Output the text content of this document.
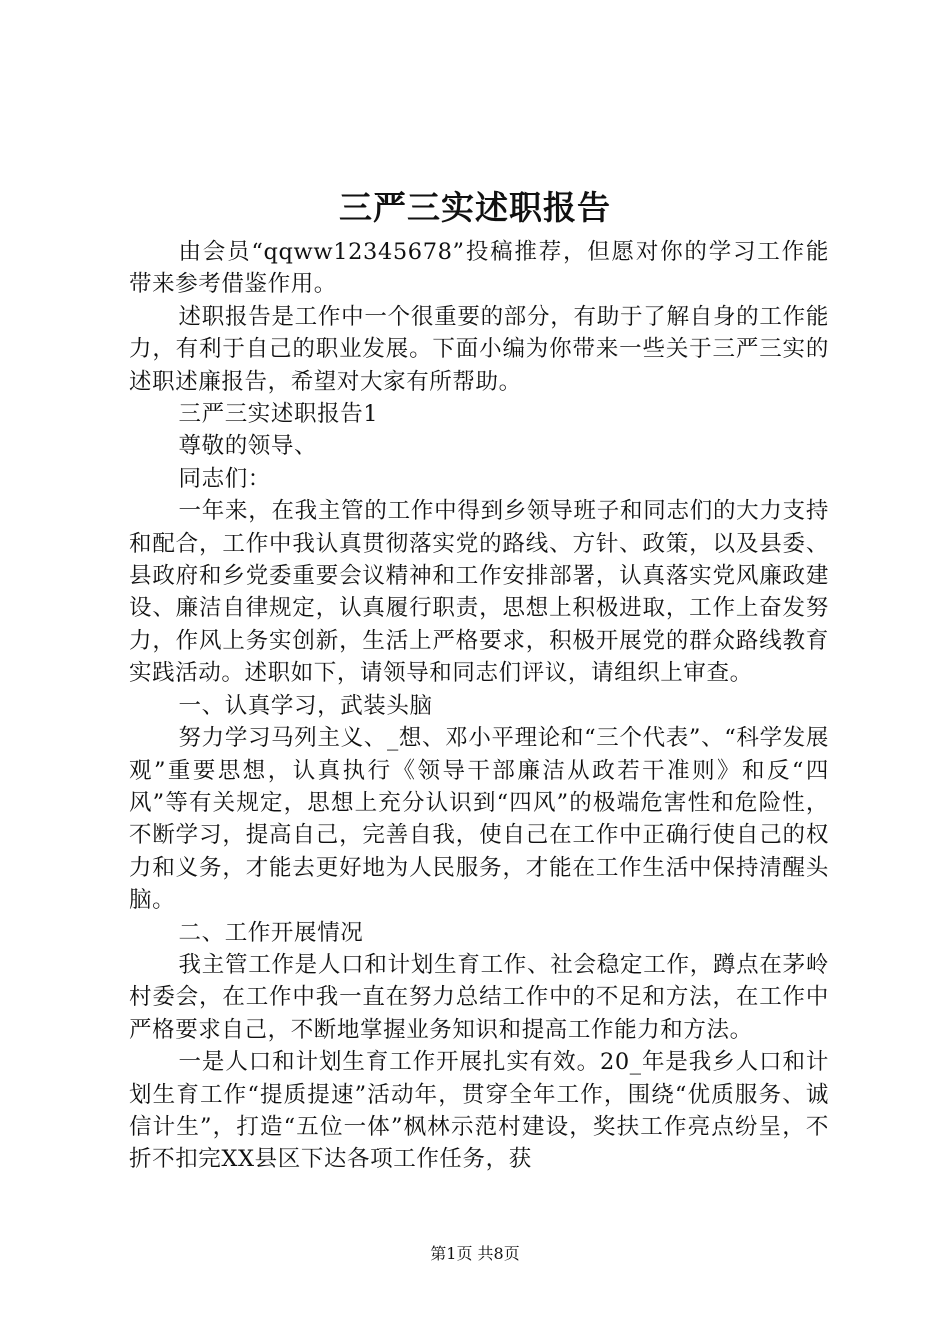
三严三实述职报告

由会员“qqww12345678”投稿推荐，但愿对你的学习工作能带来参考借鉴作用。

述职报告是工作中一个很重要的部分，有助于了解自身的工作能力，有利于自己的职业发展。下面小编为你带来一些关于三严三实的述职述廉报告，希望对大家有所帮助。

三严三实述职报告1

尊敬的领导、

同志们：

一年来，在我主管的工作中得到乡领导班子和同志们的大力支持和配合，工作中我认真贯彻落实党的路线、方针、政策，以及县委、县政府和乡党委重要会议精神和工作安排部署，认真落实党风廉政建设、廉洁自律规定，认真履行职责，思想上积极进取，工作上奋发努力，作风上务实创新，生活上严格要求，积极开展党的群众路线教育实践活动。述职如下，请领导和同志们评议，请组织上审查。

一、认真学习，武装头脑

努力学习马列主义、_想、邓小平理论和“三个代表”、“科学发展观”重要思想，认真执行《领导干部廉洁从政若干准则》和反“四风”等有关规定，思想上充分认识到“四风”的极端危害性和危险性，不断学习，提高自己，完善自我，使自己在工作中正确行使自己的权力和义务，才能去更好地为人民服务，才能在工作生活中保持清醒头脑。

二、工作开展情况

我主管工作是人口和计划生育工作、社会稳定工作，蹲点在茅岭村委会，在工作中我一直在努力总结工作中的不足和方法，在工作中严格要求自己，不断地掌握业务知识和提高工作能力和方法。

一是人口和计划生育工作开展扎实有效。20_年是我乡人口和计划生育工作“提质提速”活动年，贯穿全年工作，围绕“优质服务、诚信计生”，打造“五位一体”枫林示范村建设，奖扶工作亮点纷呈，不折不扣完XX县区下达各项工作任务，获

第1页 共8页
